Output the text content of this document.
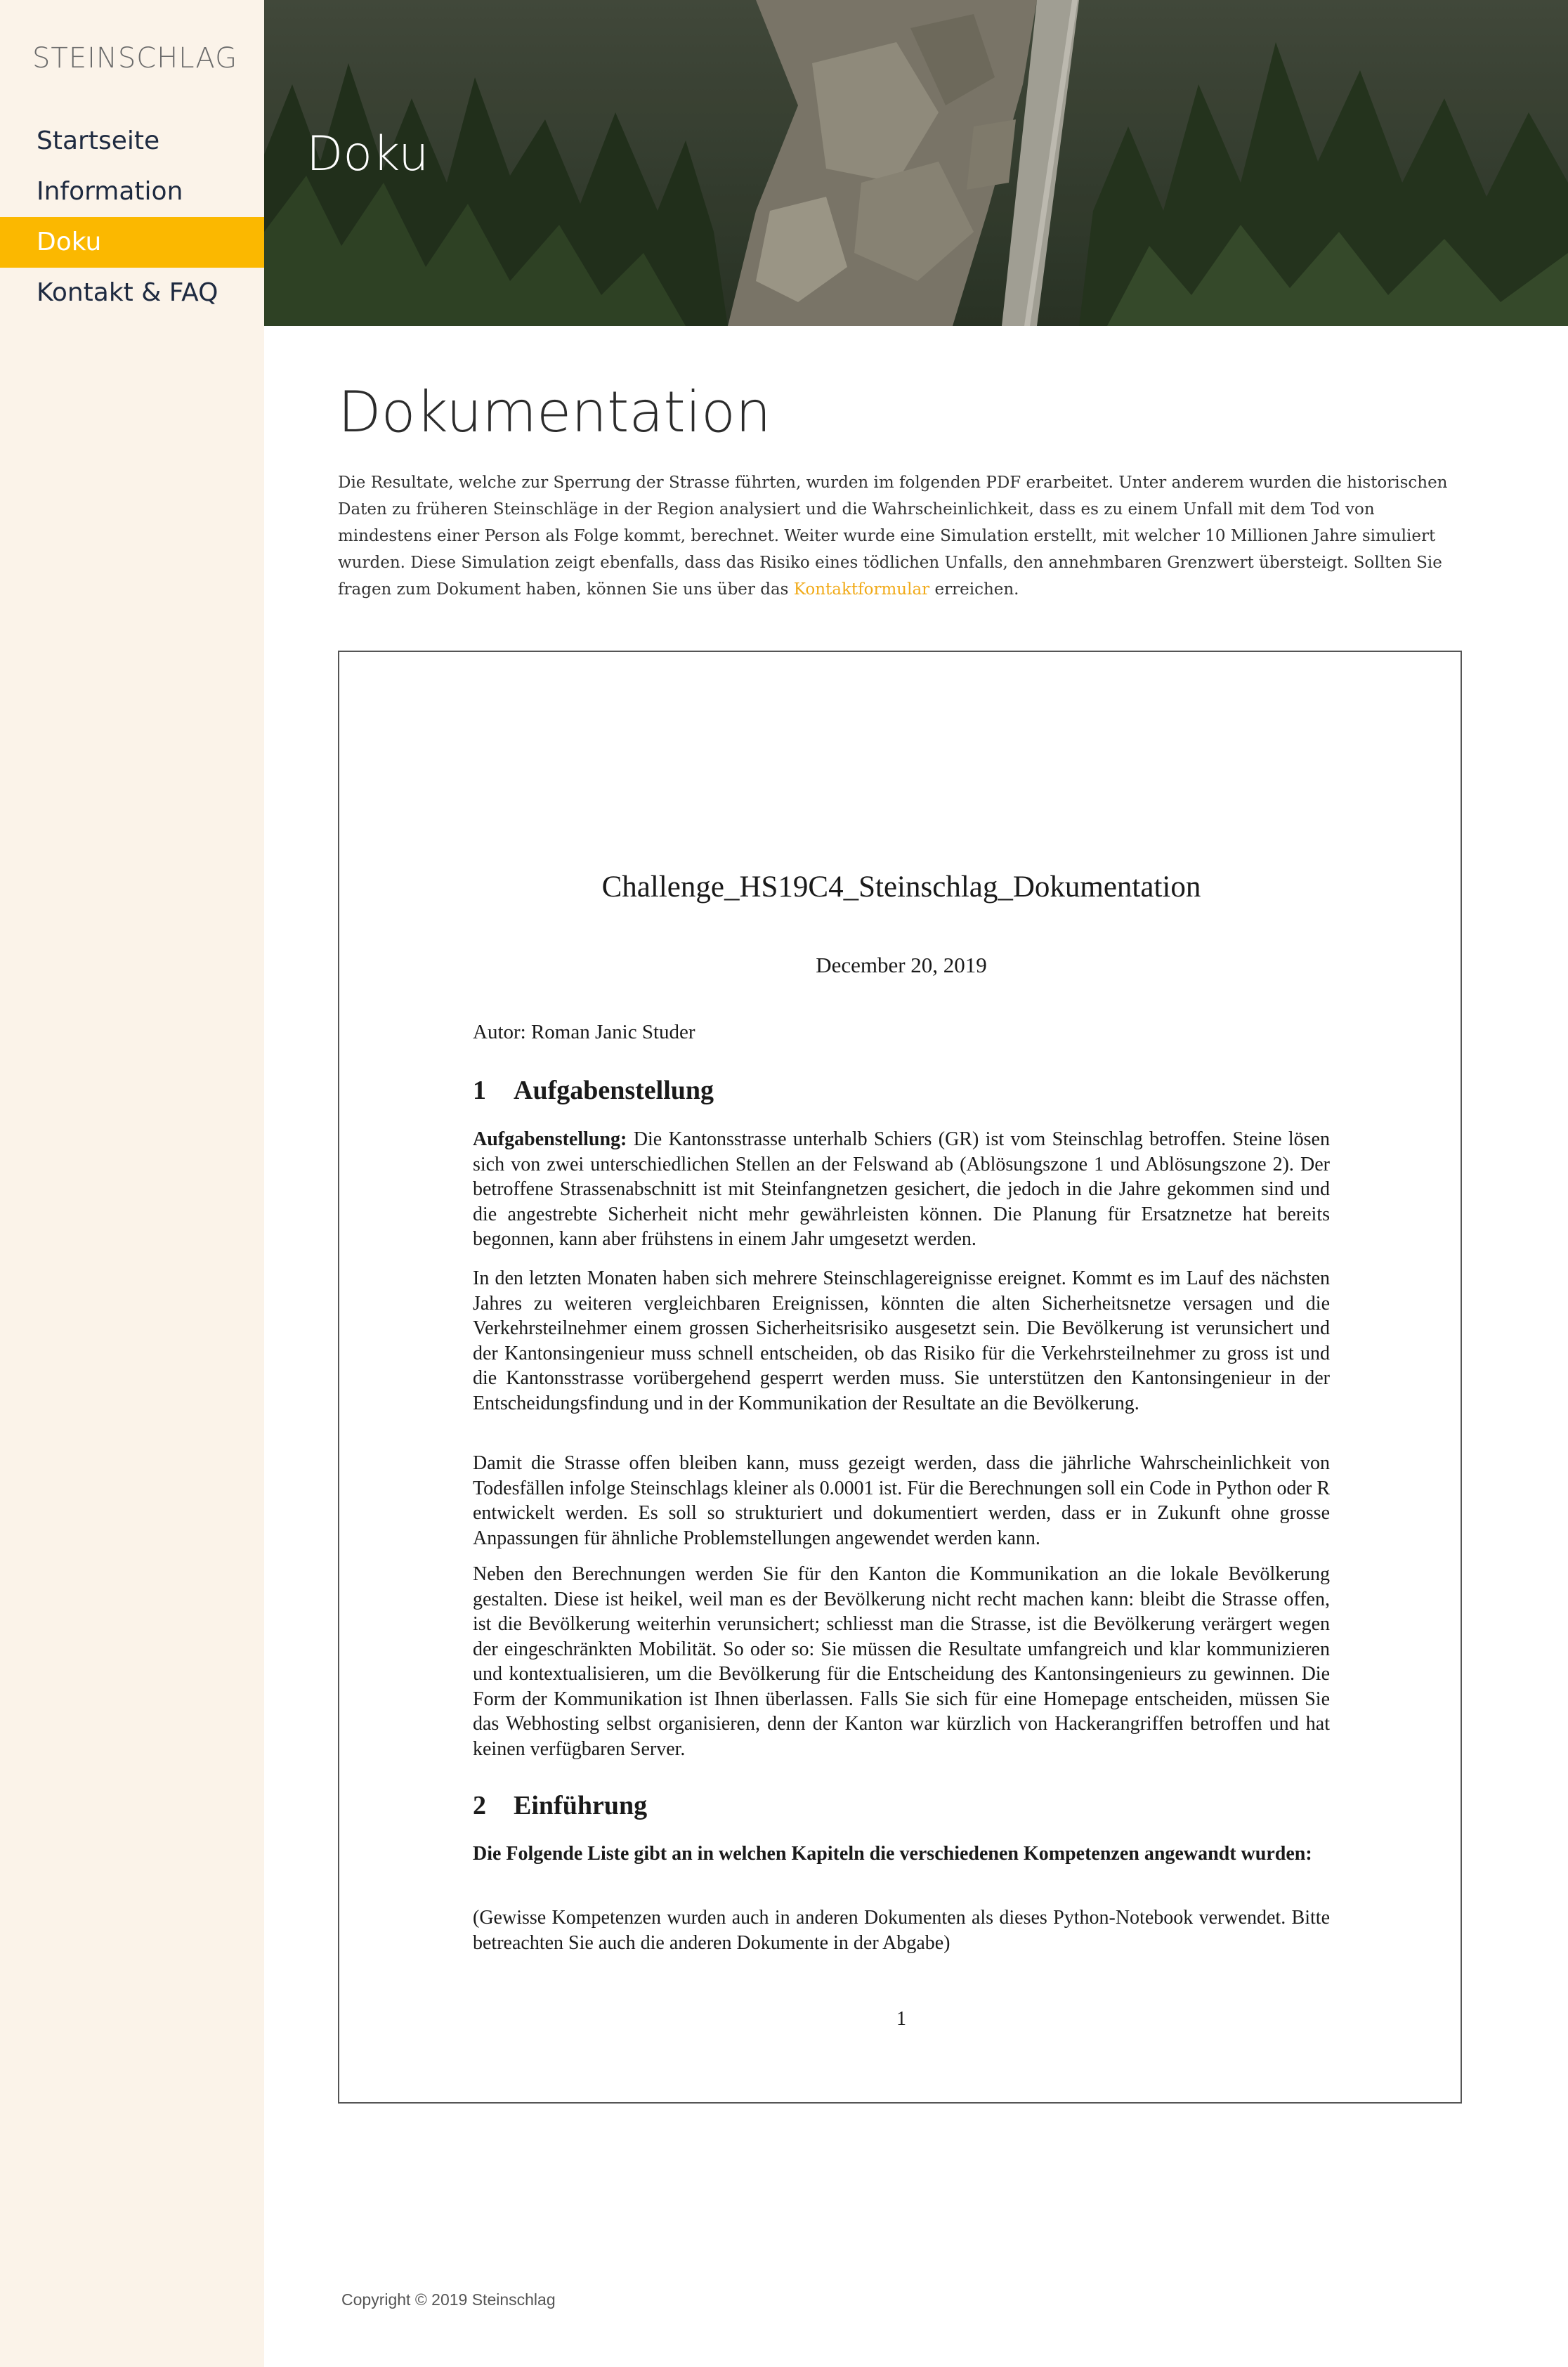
STEINSCHLAG
Startseite
Information
Doku
Kontakt & FAQ
Doku
Dokumentation

Die Resultate, welche zur Sperrung der Strasse führten, wurden im folgenden PDF erarbeitet. Unter anderem wurden die historischen Daten zu früheren Steinschläge in der Region analysiert und die Wahrscheinlichkeit, dass es zu einem Unfall mit dem Tod von mindestens einer Person als Folge kommt, berechnet. Weiter wurde eine Simulation erstellt, mit welcher 10 Millionen Jahre simuliert wurden. Diese Simulation zeigt ebenfalls, dass das Risiko eines tödlichen Unfalls, den annehmbaren Grenzwert übersteigt. Sollten Sie fragen zum Dokument haben, können Sie uns über das Kontaktformular erreichen.

Challenge_HS19C4_Steinschlag_Dokumentation
December 20, 2019
Autor: Roman Janic Studer
1 Aufgabenstellung

Aufgabenstellung: Die Kantonsstrasse unterhalb Schiers (GR) ist vom Steinschlag betroffen. Steine lösen sich von zwei unterschiedlichen Stellen an der Felswand ab (Ablösungszone 1 und Ablösungszone 2). Der betroffene Strassenabschnitt ist mit Steinfangnetzen gesichert, die jedoch in die Jahre gekommen sind und die angestrebte Sicherheit nicht mehr gewährleisten können. Die Planung für Ersatznetze hat bereits begonnen, kann aber frühstens in einem Jahr umgesetzt werden.

In den letzten Monaten haben sich mehrere Steinschlagereignisse ereignet. Kommt es im Lauf des nächsten Jahres zu weiteren vergleichbaren Ereignissen, könnten die alten Sicherheitsnetze versagen und die Verkehrsteilnehmer einem grossen Sicherheitsrisiko ausgesetzt sein. Die Bevölkerung ist verunsichert und der Kantonsingenieur muss schnell entscheiden, ob das Risiko für die Verkehrsteilnehmer zu gross ist und die Kantonsstrasse vorübergehend gesperrt werden muss. Sie unterstützen den Kantonsingenieur in der Entscheidungsfindung und in der Kommunikation der Resultate an die Bevölkerung.

Damit die Strasse offen bleiben kann, muss gezeigt werden, dass die jährliche Wahrscheinlichkeit von Todesfällen infolge Steinschlags kleiner als 0.0001 ist. Für die Berechnungen soll ein Code in Python oder R entwickelt werden. Es soll so strukturiert und dokumentiert werden, dass er in Zukunft ohne grosse Anpassungen für ähnliche Problemstellungen angewendet werden kann.

Neben den Berechnungen werden Sie für den Kanton die Kommunikation an die lokale Bevölkerung gestalten. Diese ist heikel, weil man es der Bevölkerung nicht recht machen kann: bleibt die Strasse offen, ist die Bevölkerung weiterhin verunsichert; schliesst man die Strasse, ist die Bevölkerung verärgert wegen der eingeschränkten Mobilität. So oder so: Sie müssen die Resultate umfangreich und klar kommunizieren und kontextualisieren, um die Bevölkerung für die Entscheidung des Kantonsingenieurs zu gewinnen. Die Form der Kommunikation ist Ihnen überlassen. Falls Sie sich für eine Homepage entscheiden, müssen Sie das Webhosting selbst organisieren, denn der Kanton war kürzlich von Hackerangriffen betroffen und hat keinen verfügbaren Server.

2 Einführung

Die Folgende Liste gibt an in welchen Kapiteln die verschiedenen Kompetenzen angewandt wurden:

(Gewisse Kompetenzen wurden auch in anderen Dokumenten als dieses Python-Notebook verwendet. Bitte betreachten Sie auch die anderen Dokumente in der Abgabe)

1
Copyright © 2019 Steinschlag
